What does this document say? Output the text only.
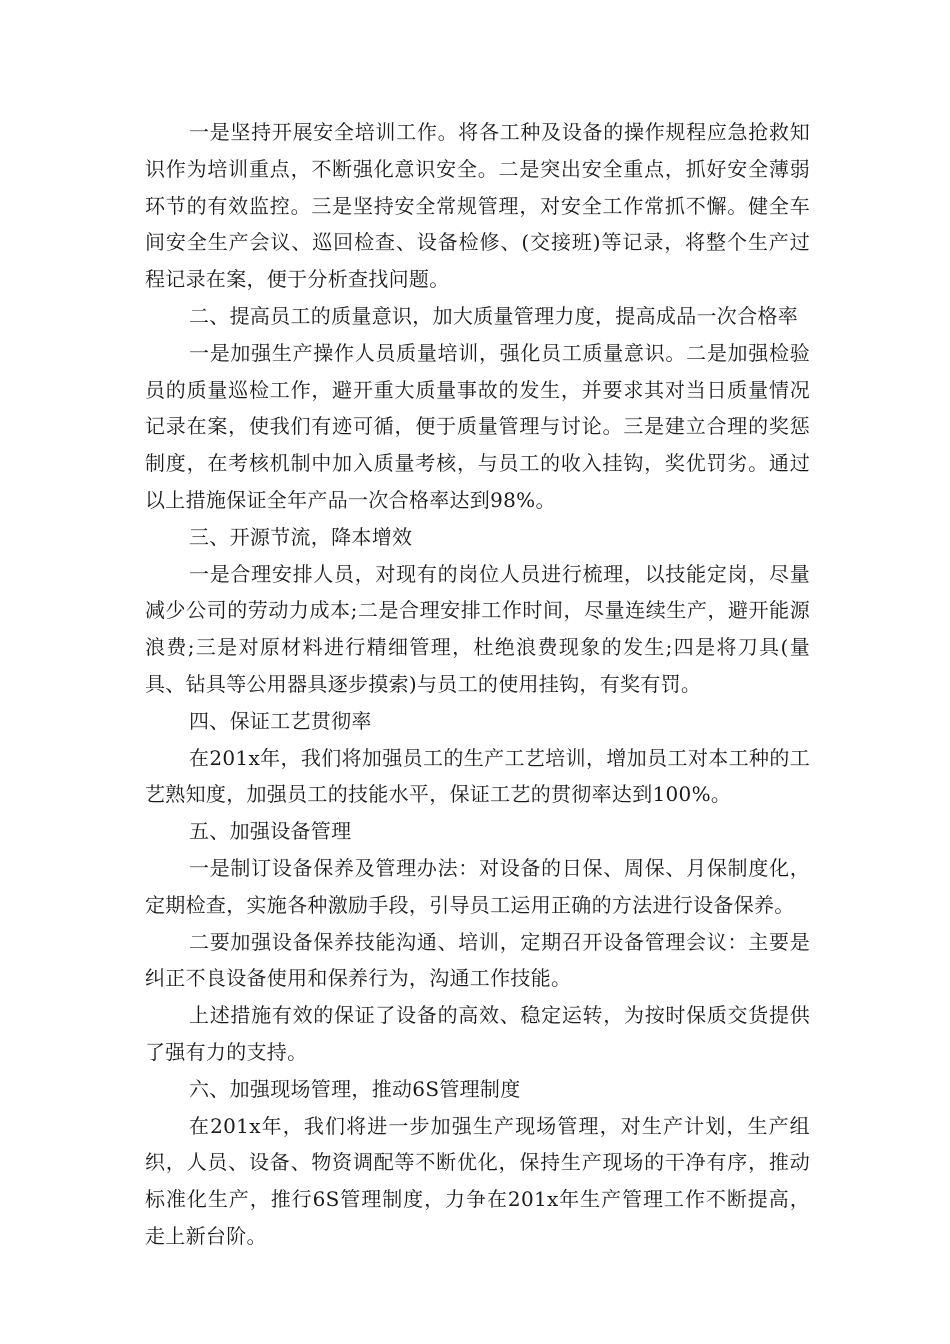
一是坚持开展安全培训工作。将各工种及设备的操作规程应急抢救知识作为培训重点，不断强化意识安全。二是突出安全重点，抓好安全薄弱环节的有效监控。三是坚持安全常规管理，对安全工作常抓不懈。健全车间安全生产会议、巡回检查、设备检修、(交接班)等记录，将整个生产过程记录在案，便于分析查找问题。

二、提高员工的质量意识，加大质量管理力度，提高成品一次合格率

一是加强生产操作人员质量培训，强化员工质量意识。二是加强检验员的质量巡检工作，避开重大质量事故的发生，并要求其对当日质量情况记录在案，使我们有迹可循，便于质量管理与讨论。三是建立合理的奖惩制度，在考核机制中加入质量考核，与员工的收入挂钩，奖优罚劣。通过以上措施保证全年产品一次合格率达到98%。

三、开源节流，降本增效

一是合理安排人员，对现有的岗位人员进行梳理，以技能定岗，尽量减少公司的劳动力成本;二是合理安排工作时间，尽量连续生产，避开能源浪费;三是对原材料进行精细管理，杜绝浪费现象的发生;四是将刀具(量具、钻具等公用器具逐步摸索)与员工的使用挂钩，有奖有罚。

四、保证工艺贯彻率

在201x年，我们将加强员工的生产工艺培训，增加员工对本工种的工艺熟知度，加强员工的技能水平，保证工艺的贯彻率达到100%。

五、加强设备管理

一是制订设备保养及管理办法：对设备的日保、周保、月保制度化，定期检查，实施各种激励手段，引导员工运用正确的方法进行设备保养。

二要加强设备保养技能沟通、培训，定期召开设备管理会议：主要是纠正不良设备使用和保养行为，沟通工作技能。

上述措施有效的保证了设备的高效、稳定运转，为按时保质交货提供了强有力的支持。

六、加强现场管理，推动6S管理制度

在201x年，我们将进一步加强生产现场管理，对生产计划，生产组织，人员、设备、物资调配等不断优化，保持生产现场的干净有序，推动标准化生产，推行6S管理制度，力争在201x年生产管理工作不断提高，走上新台阶。
